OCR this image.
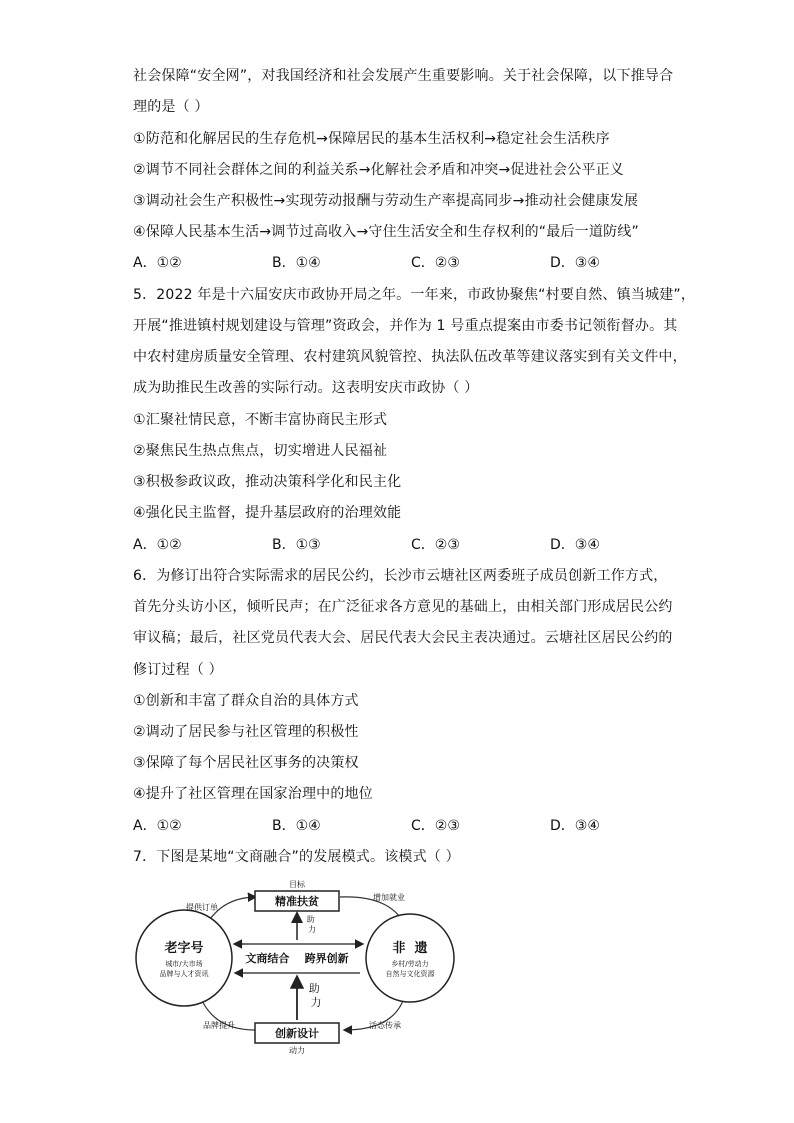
社会保障“安全网”，对我国经济和社会发展产生重要影响。关于社会保障，以下推导合
理的是（ ）
①防范和化解居民的生存危机→保障居民的基本生活权利→稳定社会生活秩序
②调节不同社会群体之间的利益关系→化解社会矛盾和冲突→促进社会公平正义
③调动社会生产积极性→实现劳动报酬与劳动生产率提高同步→推动社会健康发展
④保障人民基本生活→调节过高收入→守住生活安全和生存权利的“最后一道防线”
A．①②	B．①④	C．②③	D．③④
5．2022 年是十六届安庆市政协开局之年。一年来，市政协聚焦“村要自然、镇当城建”，
开展“推进镇村规划建设与管理”资政会，并作为 1 号重点提案由市委书记领衔督办。其
中农村建房质量安全管理、农村建筑风貌管控、执法队伍改革等建议落实到有关文件中，
成为助推民生改善的实际行动。这表明安庆市政协（ ）
①汇聚社情民意，不断丰富协商民主形式
②聚焦民生热点焦点，切实增进人民福祉
③积极参政议政，推动决策科学化和民主化
④强化民主监督，提升基层政府的治理效能
A．①②	B．①③	C．②③	D．③④
6．为修订出符合实际需求的居民公约，长沙市云塘社区两委班子成员创新工作方式，
首先分头访小区，倾听民声；在广泛征求各方意见的基础上，由相关部门形成居民公约
审议稿；最后，社区党员代表大会、居民代表大会民主表决通过。云塘社区居民公约的
修订过程（ ）
①创新和丰富了群众自治的具体方式
②调动了居民参与社区管理的积极性
③保障了每个居民社区事务的决策权
④提升了社区管理在国家治理中的地位
A．①②	B．①④	C．②③	D．③④
7．下图是某地“文商融合”的发展模式。该模式（ ）
目标
精准扶贫
助 力
文商结合    跨界创新
老字号
城市/大市场
品牌与人才资讯
非  遗
乡村/劳动力
自然与文化资源
助 力
创新设计
动力
提供订单
增加就业
品牌提升	活态传承
